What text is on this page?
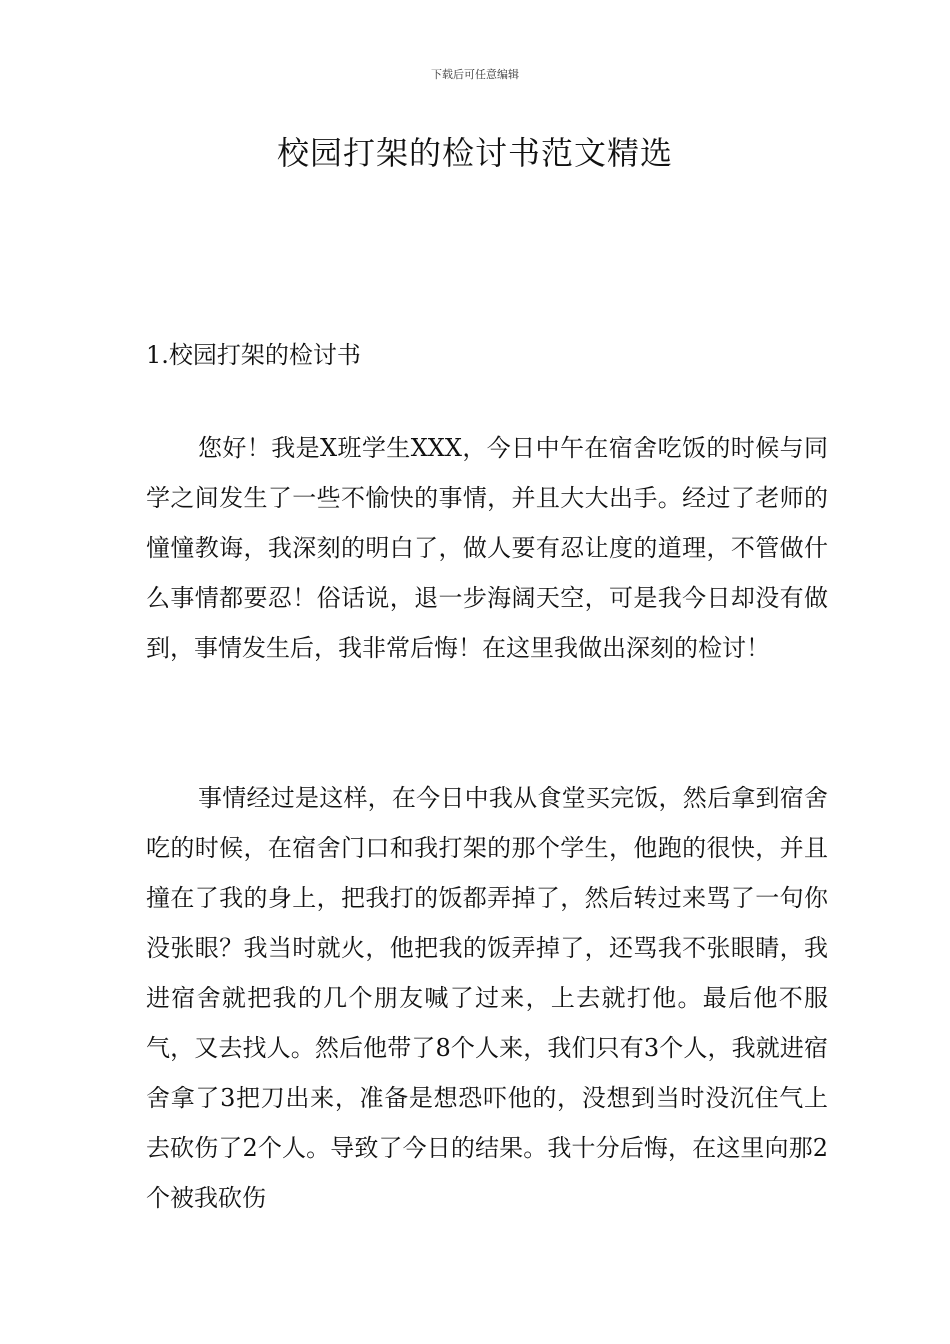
下载后可任意编辑
校园打架的检讨书范文精选
1.校园打架的检讨书

您好！我是X班学生XXX，今日中午在宿舍吃饭的时候与同学之间发生了一些不愉快的事情，并且大大出手。经过了老师的憧憧教诲，我深刻的明白了，做人要有忍让度的道理，不管做什么事情都要忍！俗话说，退一步海阔天空，可是我今日却没有做到，事情发生后，我非常后悔！在这里我做出深刻的检讨！

事情经过是这样，在今日中我从食堂买完饭，然后拿到宿舍吃的时候，在宿舍门口和我打架的那个学生，他跑的很快，并且撞在了我的身上，把我打的饭都弄掉了，然后转过来骂了一句你没张眼？我当时就火，他把我的饭弄掉了，还骂我不张眼睛，我进宿舍就把我的几个朋友喊了过来，上去就打他。最后他不服气，又去找人。然后他带了8个人来，我们只有3个人，我就进宿舍拿了3把刀出来，准备是想恐吓他的，没想到当时没沉住气上去砍伤了2个人。导致了今日的结果。我十分后悔，在这里向那2个被我砍伤
